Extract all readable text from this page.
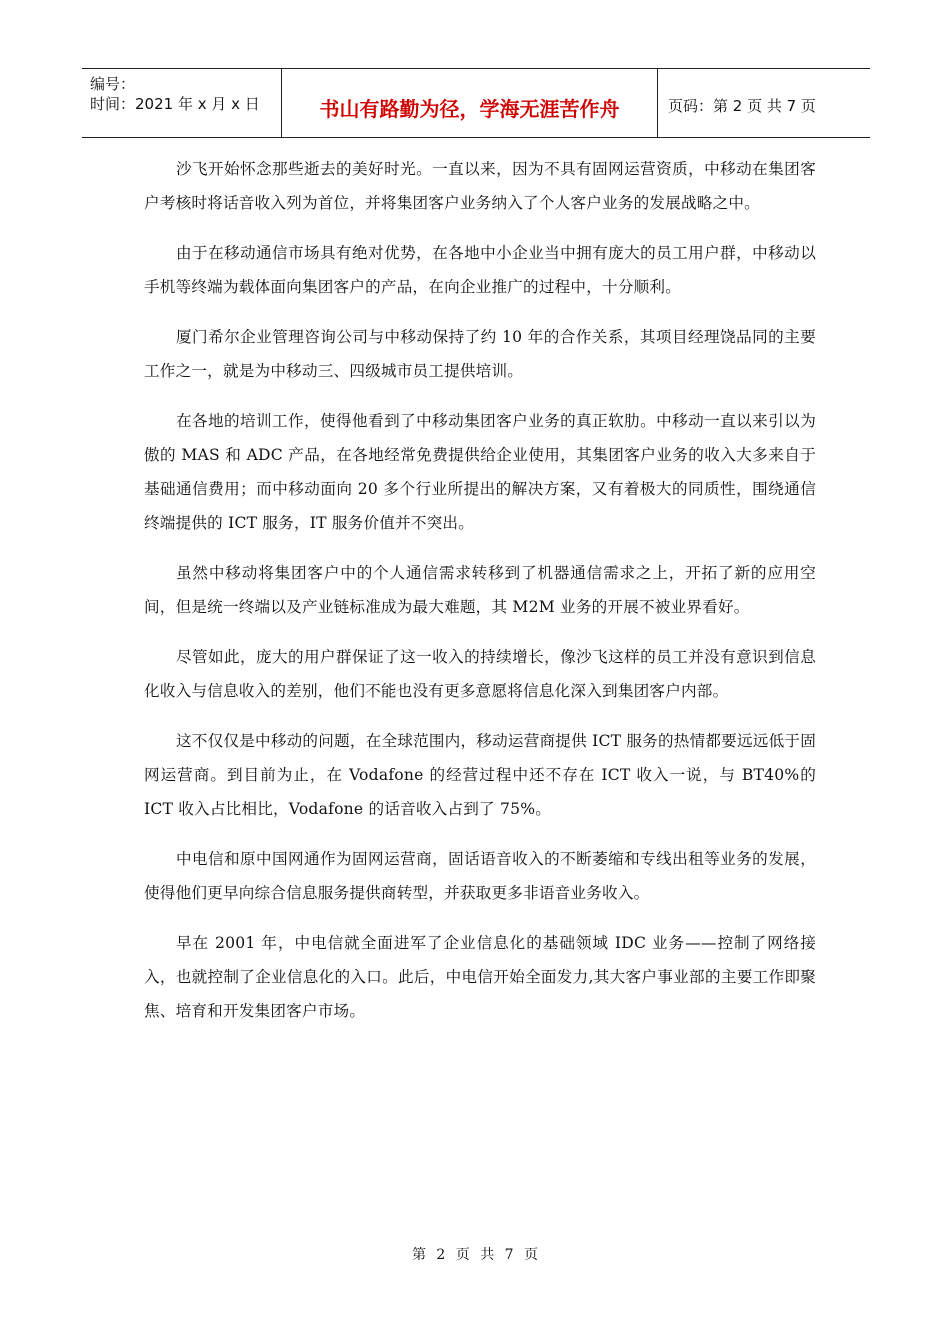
编号：
时间：2021 年 x 月 x 日	书山有路勤为径，学海无涯苦作舟	页码：第 2 页 共 7 页

沙飞开始怀念那些逝去的美好时光。一直以来，因为不具有固网运营资质，中移动在集团客户考核时将话音收入列为首位，并将集团客户业务纳入了个人客户业务的发展战略之中。

由于在移动通信市场具有绝对优势，在各地中小企业当中拥有庞大的员工用户群，中移动以手机等终端为载体面向集团客户的产品，在向企业推广的过程中，十分顺利。

厦门希尔企业管理咨询公司与中移动保持了约 10 年的合作关系，其项目经理饶品同的主要工作之一，就是为中移动三、四级城市员工提供培训。

在各地的培训工作，使得他看到了中移动集团客户业务的真正软肋。中移动一直以来引以为傲的 MAS 和 ADC 产品，在各地经常免费提供给企业使用，其集团客户业务的收入大多来自于基础通信费用；而中移动面向 20 多个行业所提出的解决方案，又有着极大的同质性，围绕通信终端提供的 ICT 服务，IT 服务价值并不突出。

虽然中移动将集团客户中的个人通信需求转移到了机器通信需求之上，开拓了新的应用空间，但是统一终端以及产业链标准成为最大难题，其 M2M 业务的开展不被业界看好。

尽管如此，庞大的用户群保证了这一收入的持续增长，像沙飞这样的员工并没有意识到信息化收入与信息收入的差别，他们不能也没有更多意愿将信息化深入到集团客户内部。

这不仅仅是中移动的问题，在全球范围内，移动运营商提供 ICT 服务的热情都要远远低于固网运营商。到目前为止，在 Vodafone 的经营过程中还不存在 ICT 收入一说，与 BT40%的 ICT 收入占比相比，Vodafone 的话音收入占到了 75%。

中电信和原中国网通作为固网运营商，固话语音收入的不断萎缩和专线出租等业务的发展，使得他们更早向综合信息服务提供商转型，并获取更多非语音业务收入。

早在 2001 年，中电信就全面进军了企业信息化的基础领域 IDC 业务——控制了网络接入，也就控制了企业信息化的入口。此后，中电信开始全面发力,其大客户事业部的主要工作即聚焦、培育和开发集团客户市场。

第 2 页 共 7 页
